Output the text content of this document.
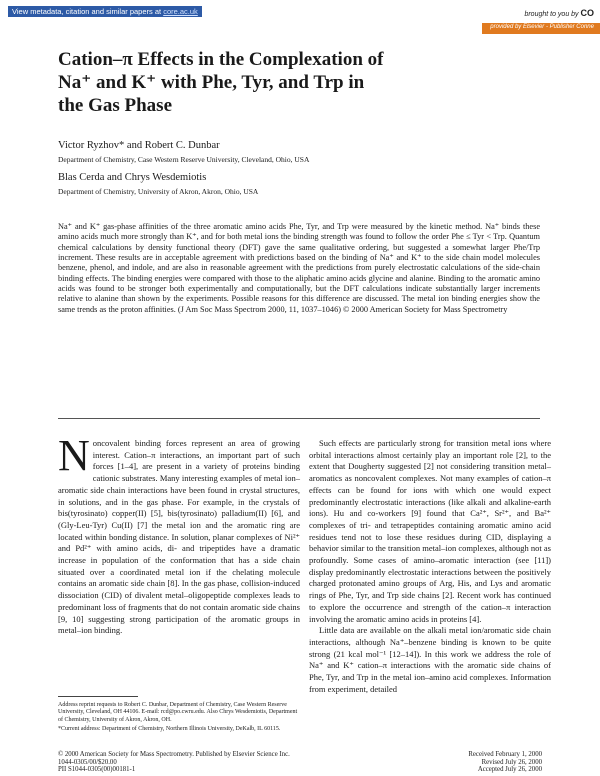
View metadata, citation and similar papers at core.ac.uk	brought to you by CO
provided by Elsevier - Publisher Conne
Cation–π Effects in the Complexation of
Na⁺ and K⁺ with Phe, Tyr, and Trp in
the Gas Phase
Victor Ryzhov* and Robert C. Dunbar
Department of Chemistry, Case Western Reserve University, Cleveland, Ohio, USA
Blas Cerda and Chrys Wesdemiotis
Department of Chemistry, University of Akron, Akron, Ohio, USA
Na⁺ and K⁺ gas-phase affinities of the three aromatic amino acids Phe, Tyr, and Trp were measured by the kinetic method. Na⁺ binds these amino acids much more strongly than K⁺, and for both metal ions the binding strength was found to follow the order Phe ≤ Tyr < Trp. Quantum chemical calculations by density functional theory (DFT) gave the same qualitative ordering, but suggested a somewhat larger Phe/Trp increment. These results are in acceptable agreement with predictions based on the binding of Na⁺ and K⁺ to the side chain model molecules benzene, phenol, and indole, and are also in reasonable agreement with the predictions from purely electrostatic calculations of the side-chain binding effects. The binding energies were compared with those to the aliphatic amino acids glycine and alanine. Binding to the aromatic amino acids was found to be stronger both experimentally and computationally, but the DFT calculations indicate substantially larger increments relative to alanine than shown by the experiments. Possible reasons for this difference are discussed. The metal ion binding energies show the same trends as the proton affinities. (J Am Soc Mass Spectrom 2000, 11, 1037–1046) © 2000 American Society for Mass Spectrometry

Noncovalent binding forces represent an area of growing interest. Cation–π interactions, an important part of such forces [1–4], are present in a variety of proteins binding cationic substrates. Many interesting examples of metal ion–aromatic side chain interactions have been found in crystal structures, in solutions, and in the gas phase. For example, in the crystals of bis(tyrosinato) copper(II) [5], bis(tyrosinato) palladium(II) [6], and (Gly-Leu-Tyr) Cu(II) [7] the metal ion and the aromatic ring are located within bonding distance. In solution, planar complexes of Ni²⁺ and Pd²⁺ with amino acids, di- and tripeptides have a dramatic increase in population of the conformation that has a side chain situated over a coordinated metal ion if the chelating molecule contains an aromatic side chain [8]. In the gas phase, collision-induced dissociation (CID) of divalent metal–oligopeptide complexes leads to predominant loss of fragments that do not contain aromatic side chains [9, 10] suggesting strong participation of the aromatic groups in metal–ion binding.

Such effects are particularly strong for transition metal ions where orbital interactions almost certainly play an important role [2], to the extent that Dougherty suggested [2] not considering transition metal–aromatics as noncovalent complexes. Not many examples of cation–π effects can be found for ions with which one would expect predominantly electrostatic interactions (like alkali and alkaline-earth ions). Hu and co-workers [9] found that Ca²⁺, Sr²⁺, and Ba²⁺ complexes of tri- and tetrapeptides containing aromatic amino acid residues tend not to lose these residues during CID, displaying a behavior similar to the transition metal–ion complexes, although not as profoundly. Some cases of amino–aromatic interaction (see [11]) display predominantly electrostatic interactions between the positively charged protonated amino groups of Arg, His, and Lys and aromatic rings of Phe, Tyr, and Trp side chains [2]. Recent work has continued to explore the occurrence and strength of the cation–π interaction involving the aromatic amino acids in proteins [4].

Little data are available on the alkali metal ion/aromatic side chain interactions, although Na⁺–benzene binding is known to be quite strong (21 kcal mol⁻¹ [12–14]). In this work we address the role of Na⁺ and K⁺ cation–π interactions with the aromatic side chains of Phe, Tyr, and Trp in the metal ion–amino acid complexes. Information from experiment, detailed

Address reprint requests to Robert C. Dunbar, Department of Chemistry, Case Western Reserve University, Cleveland, OH 44106. E-mail: rcd@po.cwru.edu. Also Chrys Wesdemiotis, Department of Chemistry, University of Akron, Akron, OH.

*Current address: Department of Chemistry, Northern Illinois University, DeKalb, IL 60115.

© 2000 American Society for Mass Spectrometry. Published by Elsevier Science Inc.
1044-0305/00/$20.00
PII S1044-0305(00)00181-1
Received February 1, 2000
Revised July 26, 2000
Accepted July 26, 2000
